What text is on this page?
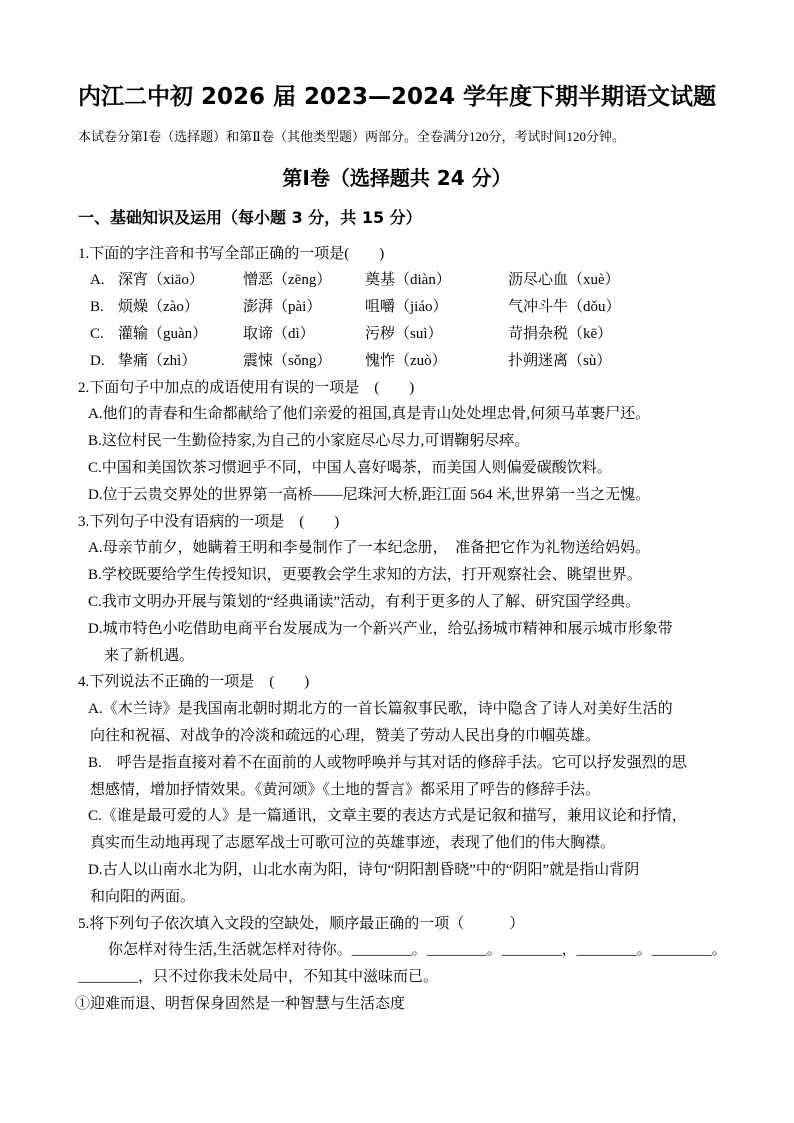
内江二中初 2026 届 2023—2024 学年度下期半期语文试题
本试卷分第Ⅰ卷（选择题）和第Ⅱ卷（其他类型题）两部分。全卷满分120分，考试时间120分钟。
第Ⅰ卷（选择题共 24 分）
一、基础知识及运用（每小题 3 分，共 15 分）
1.下面的字注音和书写全部正确的一项是(　　)
A. 深宵（xiāo）	憎恶（zēng）	奠基（diàn）	沥尽心血（xuè）
B. 烦燥（zào）	澎湃（pài）	咀嚼（jiáo）	气冲斗牛（dǒu）
C. 灌输（guàn）	取谛（dì）	污秽（suì）	苛捐杂税（kē）
D. 挚痛（zhì）	震悚（sǒng）	愧怍（zuò）	扑朔迷离（sù）
2.下面句子中加点的成语使用有误的一项是　(　　)
A.他们的青春和生命都献给了他们亲爱的祖国,真是青山处处埋忠骨,何须马革裹尸还。
B.这位村民一生勤俭持家,为自己的小家庭尽心尽力,可谓鞠躬尽瘁。
C.中国和美国饮茶习惯迥乎不同，中国人喜好喝茶，而美国人则偏爱碳酸饮料。
D.位于云贵交界处的世界第一高桥——尼珠河大桥,距江面 564 米,世界第一当之无愧。
3.下列句子中没有语病的一项是　(　　)
A.母亲节前夕，她瞒着王明和李曼制作了一本纪念册，　准备把它作为礼物送给妈妈。
B.学校既要给学生传授知识，更要教会学生求知的方法，打开观察社会、眺望世界。
C.我市文明办开展与策划的“经典诵读”活动，有利于更多的人了解、研究国学经典。
D.城市特色小吃借助电商平台发展成为一个新兴产业，给弘扬城市精神和展示城市形象带
来了新机遇。
4.下列说法不正确的一项是　(　　)
A.《木兰诗》是我国南北朝时期北方的一首长篇叙事民歌，诗中隐含了诗人对美好生活的
向往和祝福、对战争的冷淡和疏远的心理，赞美了劳动人民出身的巾帼英雄。
B.　呼告是指直接对着不在面前的人或物呼唤并与其对话的修辞手法。它可以抒发强烈的思
想感情，增加抒情效果。《黄河颂》《土地的誓言》都采用了呼告的修辞手法。
C.《谁是最可爱的人》是一篇通讯，文章主要的表达方式是记叙和描写，兼用议论和抒情，
真实而生动地再现了志愿军战士可歌可泣的英雄事迹，表现了他们的伟大胸襟。
D.古人以山南水北为阴，山北水南为阳，诗句“阴阳割昏晓”中的“阴阳”就是指山背阴
和向阳的两面。
5.将下列句子依次填入文段的空缺处，顺序最正确的一项（　　　）
你怎样对待生活,生活就怎样对待你。________。________。________，________。________。
________，只不过你我未处局中，不知其中滋味而已。
①迎难而退、明哲保身固然是一种智慧与生活态度
